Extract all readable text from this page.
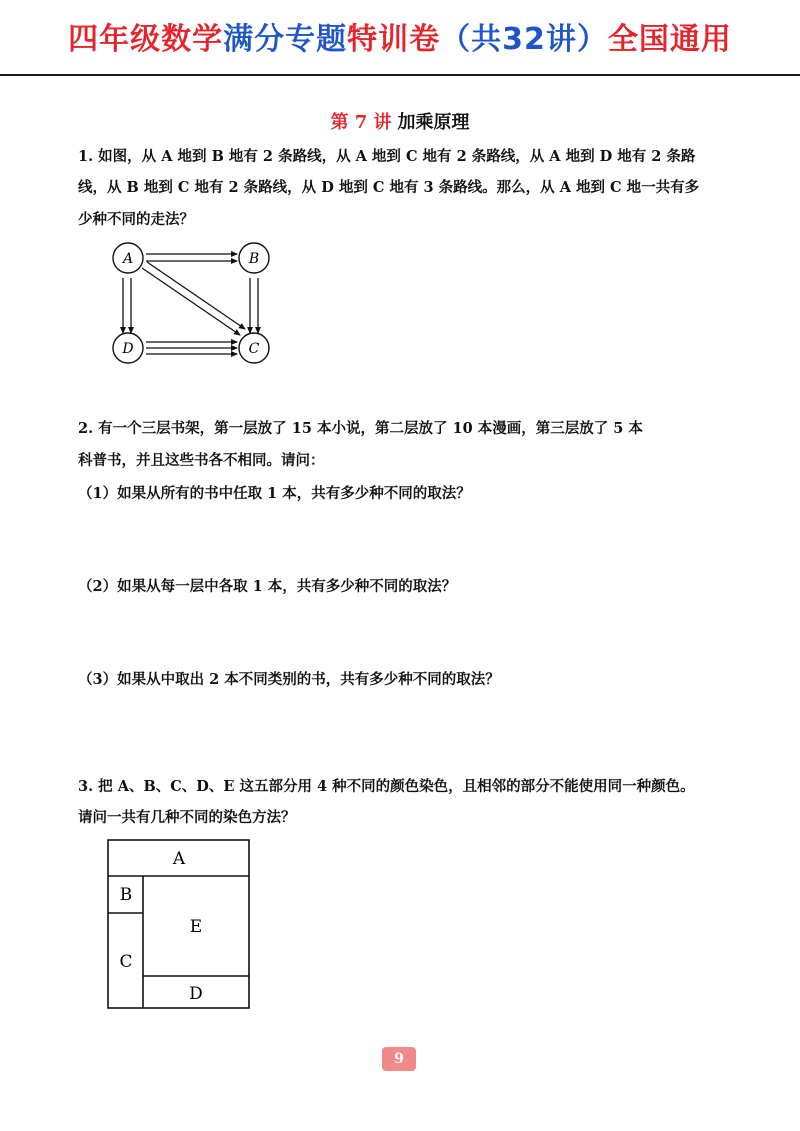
四年级数学满分专题特训卷（共32讲）全国通用
第 7 讲 加乘原理
1. 如图，从 A 地到 B 地有 2 条路线，从 A 地到 C 地有 2 条路线，从 A 地到 D 地有 2 条路
线，从 B 地到 C 地有 2 条路线，从 D 地到 C 地有 3 条路线。那么，从 A 地到 C 地一共有多
少种不同的走法？
A	B
D	C
2. 有一个三层书架，第一层放了 15 本小说，第二层放了 10 本漫画，第三层放了 5 本
科普书，并且这些书各不相同。请问：
（1）如果从所有的书中任取 1 本，共有多少种不同的取法？
（2）如果从每一层中各取 1 本，共有多少种不同的取法？
（3）如果从中取出 2 本不同类别的书，共有多少种不同的取法？
3. 把 A、B、C、D、E 这五部分用 4 种不同的颜色染色，且相邻的部分不能使用同一种颜色。
请问一共有几种不同的染色方法？
A
B
C
E
D
9
